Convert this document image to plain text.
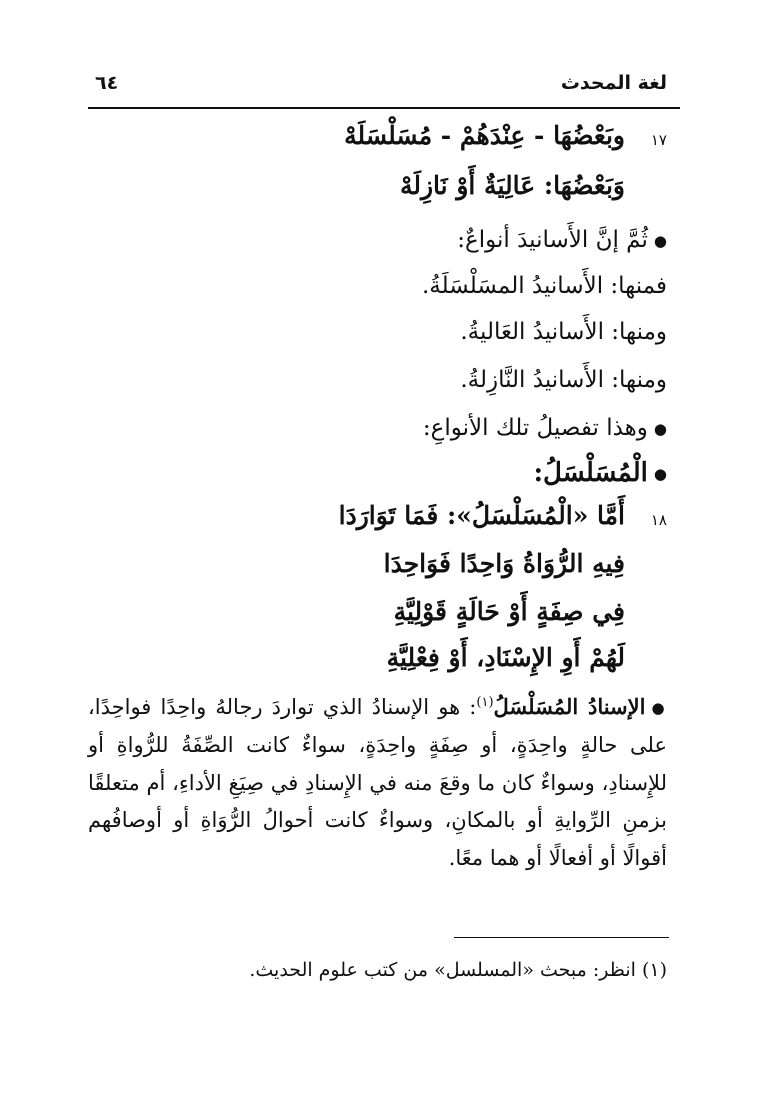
لغة المحدث
٦٤
١٧
وبَعْضُهَا - عِنْدَهُمْ - مُسَلْسَلَهْ
وَبَعْضُهَا: عَالِيَةٌ أَوْ نَازِلَهْ
● ثُمَّ إنَّ الأَسانيدَ أنواعٌ:
فمنها: الأَسانيدُ المسَلْسَلَةُ.
ومنها: الأَسانيدُ العَاليةُ.
ومنها: الأَسانيدُ النَّازِلةُ.
● وهذا تفصيلُ تلك الأنواعِ:
● الْمُسَلْسَلُ:
١٨
أَمَّا «الْمُسَلْسَلُ»: فَمَا تَوَارَدَا
فِيهِ الرُّوَاةُ وَاحِدًا فَوَاحِدَا
فِي صِفَةٍ أَوْ حَالَةٍ قَوْلِيَّةِ
لَهُمْ أَوِ الإِسْنَادِ، أَوْ فِعْلِيَّةِ
● الإسنادُ المُسَلْسَلُ$^{(١)}$: هو الإسنادُ الذي تواردَ رجالهُ واحِدًا فواحِدًا، على حالةٍ واحِدَةٍ، أو صِفَةٍ واحِدَةٍ، سواءٌ كانت الصِّفَةُ للرُّواةِ أو للإِسنادِ، وسواءٌ كان ما وقعَ منه في الإِسنادِ في صِيَغِ الأداءِ، أم متعلقًا بزمنِ الرِّوايةِ أو بالمكانِ، وسواءٌ كانت أحوالُ الرُّوَاةِ أو أوصافُهم أقوالًا أو أفعالًا أو هما معًا.
(١) انظر: مبحث «المسلسل» من كتب علوم الحديث.
